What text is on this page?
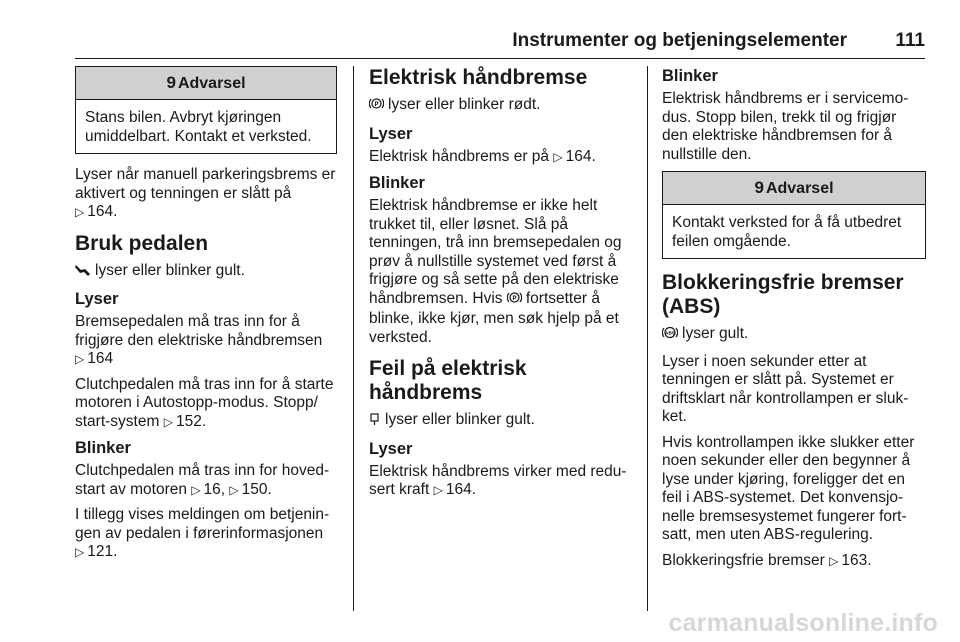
Instrumenter og betjeningselementer	111
9 Advarsel
Stans bilen. Avbryt kjøringen umiddelbart. Kontakt et verksted.

Lyser når manuell parkeringsbrems er aktivert og tenningen er slått på
▷ 164.

Bruk pedalen

lyser eller blinker gult.

Lyser

Bremsepedalen må tras inn for å frigjøre den elektriske håndbremsen
▷ 164

Clutchpedalen må tras inn for å starte motoren i Autostopp-modus. Stopp/ start-system ▷ 152.

Blinker

Clutchpedalen må tras inn for hoved- start av motoren ▷ 16, ▷ 150.

I tillegg vises meldingen om betjenin- gen av pedalen i førerinformasjonen
▷ 121.

Elektrisk håndbremse

P lyser eller blinker rødt.

Lyser

Elektrisk håndbrems er på ▷ 164.

Blinker

Elektrisk håndbremse er ikke helt trukket til, eller løsnet. Slå på tenningen, trå inn bremsepedalen og prøv å nullstille systemet ved først å frigjøre og så sette på den elektriske håndbremsen. Hvis P fortsetter å blinke, ikke kjør, men søk hjelp på et verksted.

Feil på elektrisk håndbrems

lyser eller blinker gult.

Lyser

Elektrisk håndbrems virker med redu- sert kraft ▷ 164.

Blinker

Elektrisk håndbrems er i servicemo- dus. Stopp bilen, trekk til og frigjør den elektriske håndbremsen for å nullstille den.

9 Advarsel
Kontakt verksted for å få utbedret feilen omgående.
Blokkeringsfrie bremser (ABS)

ABS lyser gult.

Lyser i noen sekunder etter at tenningen er slått på. Systemet er driftsklart når kontrollampen er sluk- ket.

Hvis kontrollampen ikke slukker etter noen sekunder eller den begynner å lyse under kjøring, foreligger det en feil i ABS-systemet. Det konvensjo- nelle bremsesystemet fungerer fort- satt, men uten ABS-regulering.

Blokkeringsfrie bremser ▷ 163.

carmanualsonline.info
